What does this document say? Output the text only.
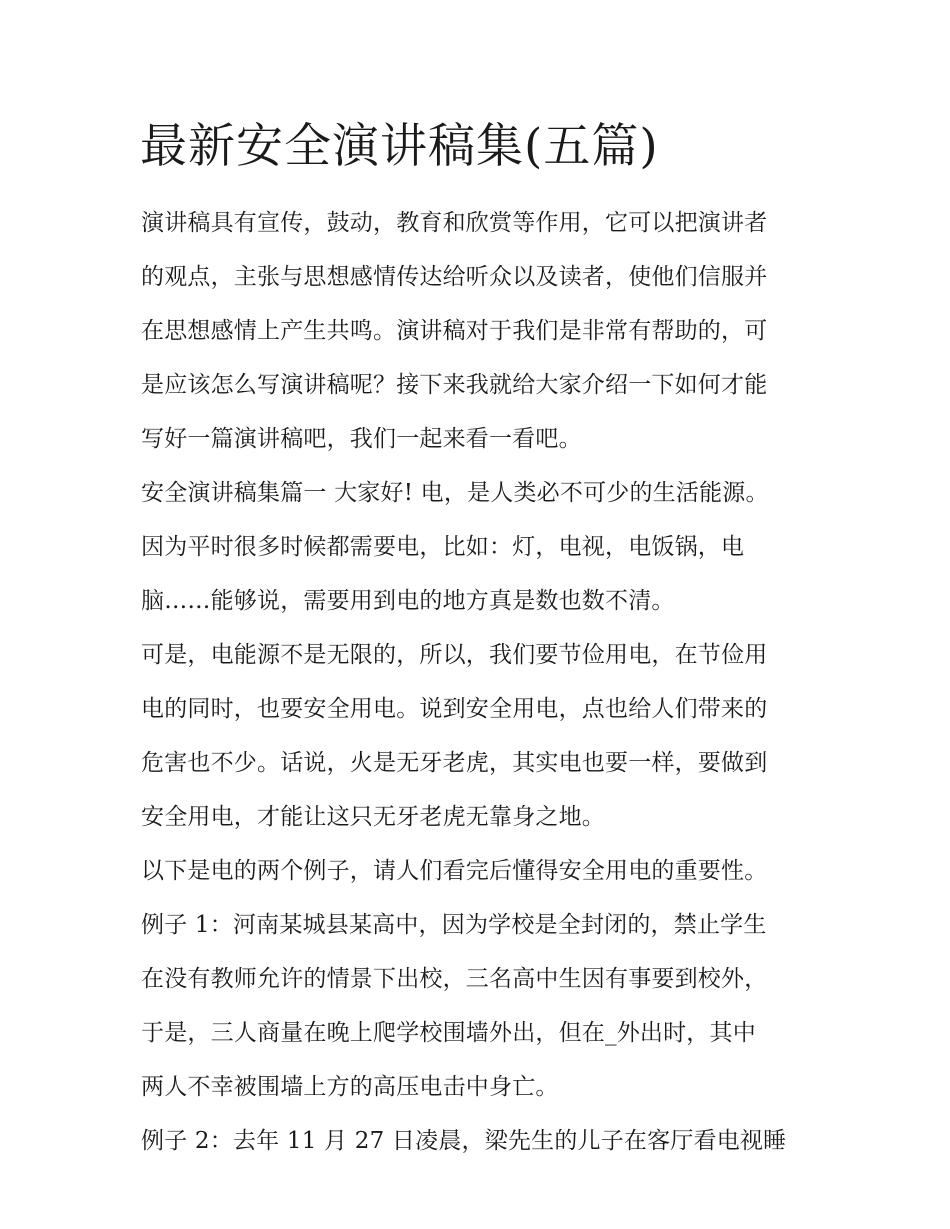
最新安全演讲稿集(五篇)
演讲稿具有宣传，鼓动，教育和欣赏等作用，它可以把演讲者
的观点，主张与思想感情传达给听众以及读者，使他们信服并
在思想感情上产生共鸣。演讲稿对于我们是非常有帮助的，可
是应该怎么写演讲稿呢？接下来我就给大家介绍一下如何才能
写好一篇演讲稿吧，我们一起来看一看吧。
安全演讲稿集篇一 大家好! 电，是人类必不可少的生活能源。
因为平时很多时候都需要电，比如：灯，电视，电饭锅，电
脑……能够说，需要用到电的地方真是数也数不清。
可是，电能源不是无限的，所以，我们要节俭用电，在节俭用
电的同时，也要安全用电。说到安全用电，点也给人们带来的
危害也不少。话说，火是无牙老虎，其实电也要一样，要做到
安全用电，才能让这只无牙老虎无靠身之地。
以下是电的两个例子，请人们看完后懂得安全用电的重要性。
例子 1：河南某城县某高中，因为学校是全封闭的，禁止学生
在没有教师允许的情景下出校，三名高中生因有事要到校外，
于是，三人商量在晚上爬学校围墙外出，但在_外出时，其中
两人不幸被围墙上方的高压电击中身亡。
例子 2：去年 11 月 27 日凌晨，梁先生的儿子在客厅看电视睡
